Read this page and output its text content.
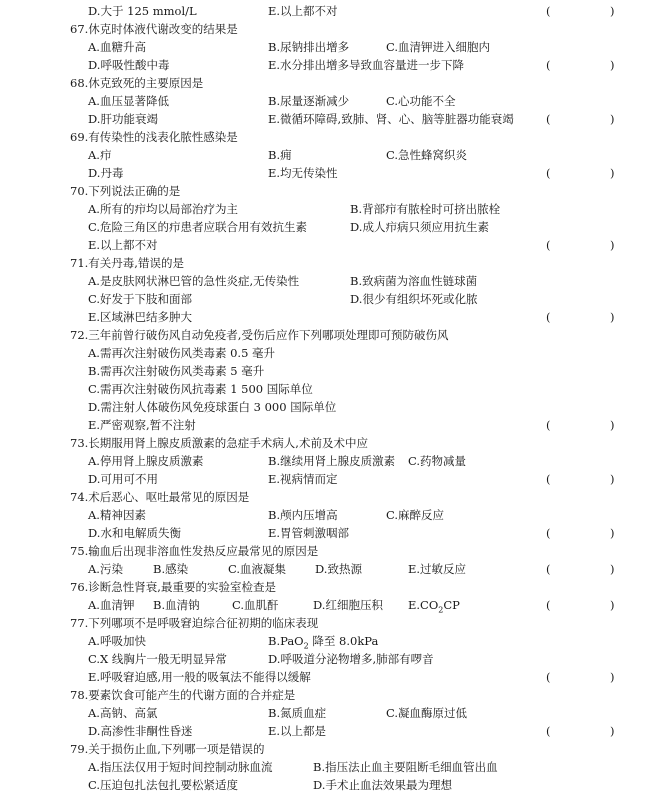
D.大于 125 mmol/L	E.以上都不对	(	)
67.休克时体液代谢改变的结果是
A.血糖升高	B.尿钠排出增多	C.血清钾进入细胞内
D.呼吸性酸中毒	E.水分排出增多导致血容量进一步下降	(	)
68.休克致死的主要原因是
A.血压显著降低	B.尿量逐渐减少	C.心功能不全
D.肝功能衰竭	E.微循环障碍,致肺、肾、心、脑等脏器功能衰竭	(	)
69.有传染性的浅表化脓性感染是
A.疖	B.痈	C.急性蜂窝织炎
D.丹毒	E.均无传染性	(	)
70.下列说法正确的是
A.所有的疖均以局部治疗为主	B.背部疖有脓栓时可挤出脓栓
C.危险三角区的疖患者应联合用有效抗生素	D.成人疖病只须应用抗生素
E.以上都不对	(	)
71.有关丹毒,错误的是
A.是皮肤网状淋巴管的急性炎症,无传染性	B.致病菌为溶血性链球菌
C.好发于下肢和面部	D.很少有组织坏死或化脓
E.区域淋巴结多肿大	(	)
72.三年前曾行破伤风自动免疫者,受伤后应作下列哪项处理即可预防破伤风
A.需再次注射破伤风类毒素 0.5 毫升
B.需再次注射破伤风类毒素 5 毫升
C.需再次注射破伤风抗毒素 1 500 国际单位
D.需注射人体破伤风免疫球蛋白 3 000 国际单位
E.严密观察,暂不注射	(	)
73.长期服用肾上腺皮质激素的急症手术病人,术前及术中应
A.停用肾上腺皮质激素	B.继续用肾上腺皮质激素 C.药物减量
D.可用可不用	E.视病情而定	(	)
74.术后恶心、呕吐最常见的原因是
A.精神因素	B.颅内压增高	C.麻醉反应
D.水和电解质失衡	E.胃管刺激咽部	(	)
75.输血后出现非溶血性发热反应最常见的原因是
A.污染	B.感染	C.血液凝集	D.致热源	E.过敏反应	(	)
76.诊断急性肾衰,最重要的实验室检查是
A.血清钾 B.血清钠	C.血肌酐	D.红细胞压积 $E.CO_2CP$	(	)
77.下列哪项不是呼吸窘迫综合征初期的临床表现
A.呼吸加快	B.PaO$_2$ 降至 8.0kPa
C.X 线胸片一般无明显异常	D.呼吸道分泌物增多,肺部有啰音
E.呼吸窘迫感,用一般的吸氧法不能得以缓解	(	)
78.要素饮食可能产生的代谢方面的合并症是
A.高钠、高氯	B.氮质血症	C.凝血酶原过低
D.高渗性非酮性昏迷	E.以上都是	(	)
79.关于损伤止血,下列哪一项是错误的
A.指压法仅用于短时间控制动脉血流	B.指压法止血主要阻断毛细血管出血
C.压迫包扎法包扎要松紧适度	D.手术止血法效果最为理想
